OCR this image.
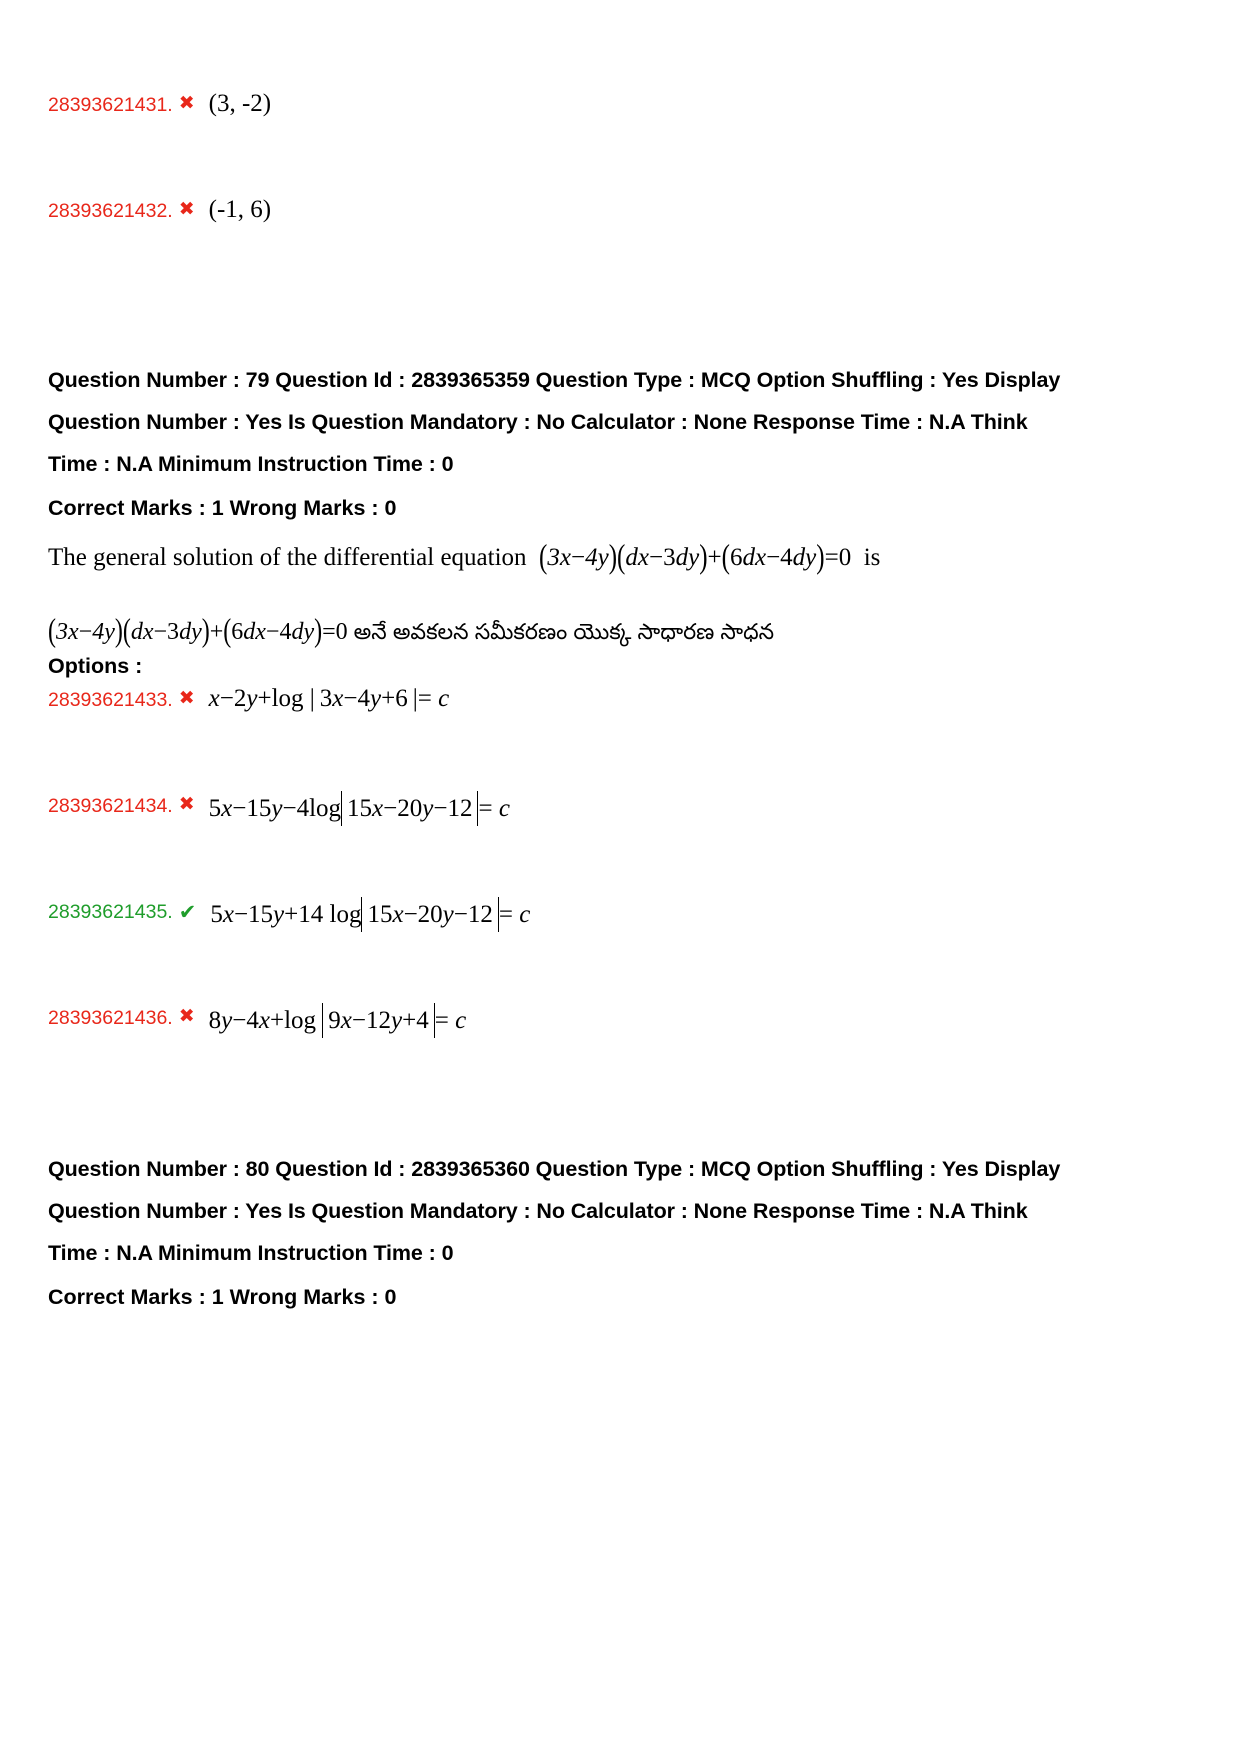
28393621431. ✖ (3, -2)
28393621432. ✖ (-1, 6)
Question Number : 79 Question Id : 2839365359 Question Type : MCQ Option Shuffling : Yes Display Question Number : Yes Is Question Mandatory : No Calculator : None Response Time : N.A Think Time : N.A Minimum Instruction Time : 0
Correct Marks : 1 Wrong Marks : 0
The general solution of the differential equation (3x−4y)(dx−3dy)+(6dx−4dy)=0  is
(3x−4y)(dx−3dy)+(6dx−4dy)=0 అనే అవకలన సమీకరణం యొక్క సాధారణ సాధన
Options :
28393621433. ✖ x−2y+log | 3x−4y+6 |= c
28393621434. ✖ 5x−15y−4log 15x−20y−12 = c
28393621435. ✔ 5x−15y+14 log 15x−20y−12 = c
28393621436. ✖ 8y−4x+log 9x−12y+4 = c
Question Number : 80 Question Id : 2839365360 Question Type : MCQ Option Shuffling : Yes Display Question Number : Yes Is Question Mandatory : No Calculator : None Response Time : N.A Think Time : N.A Minimum Instruction Time : 0
Correct Marks : 1 Wrong Marks : 0
